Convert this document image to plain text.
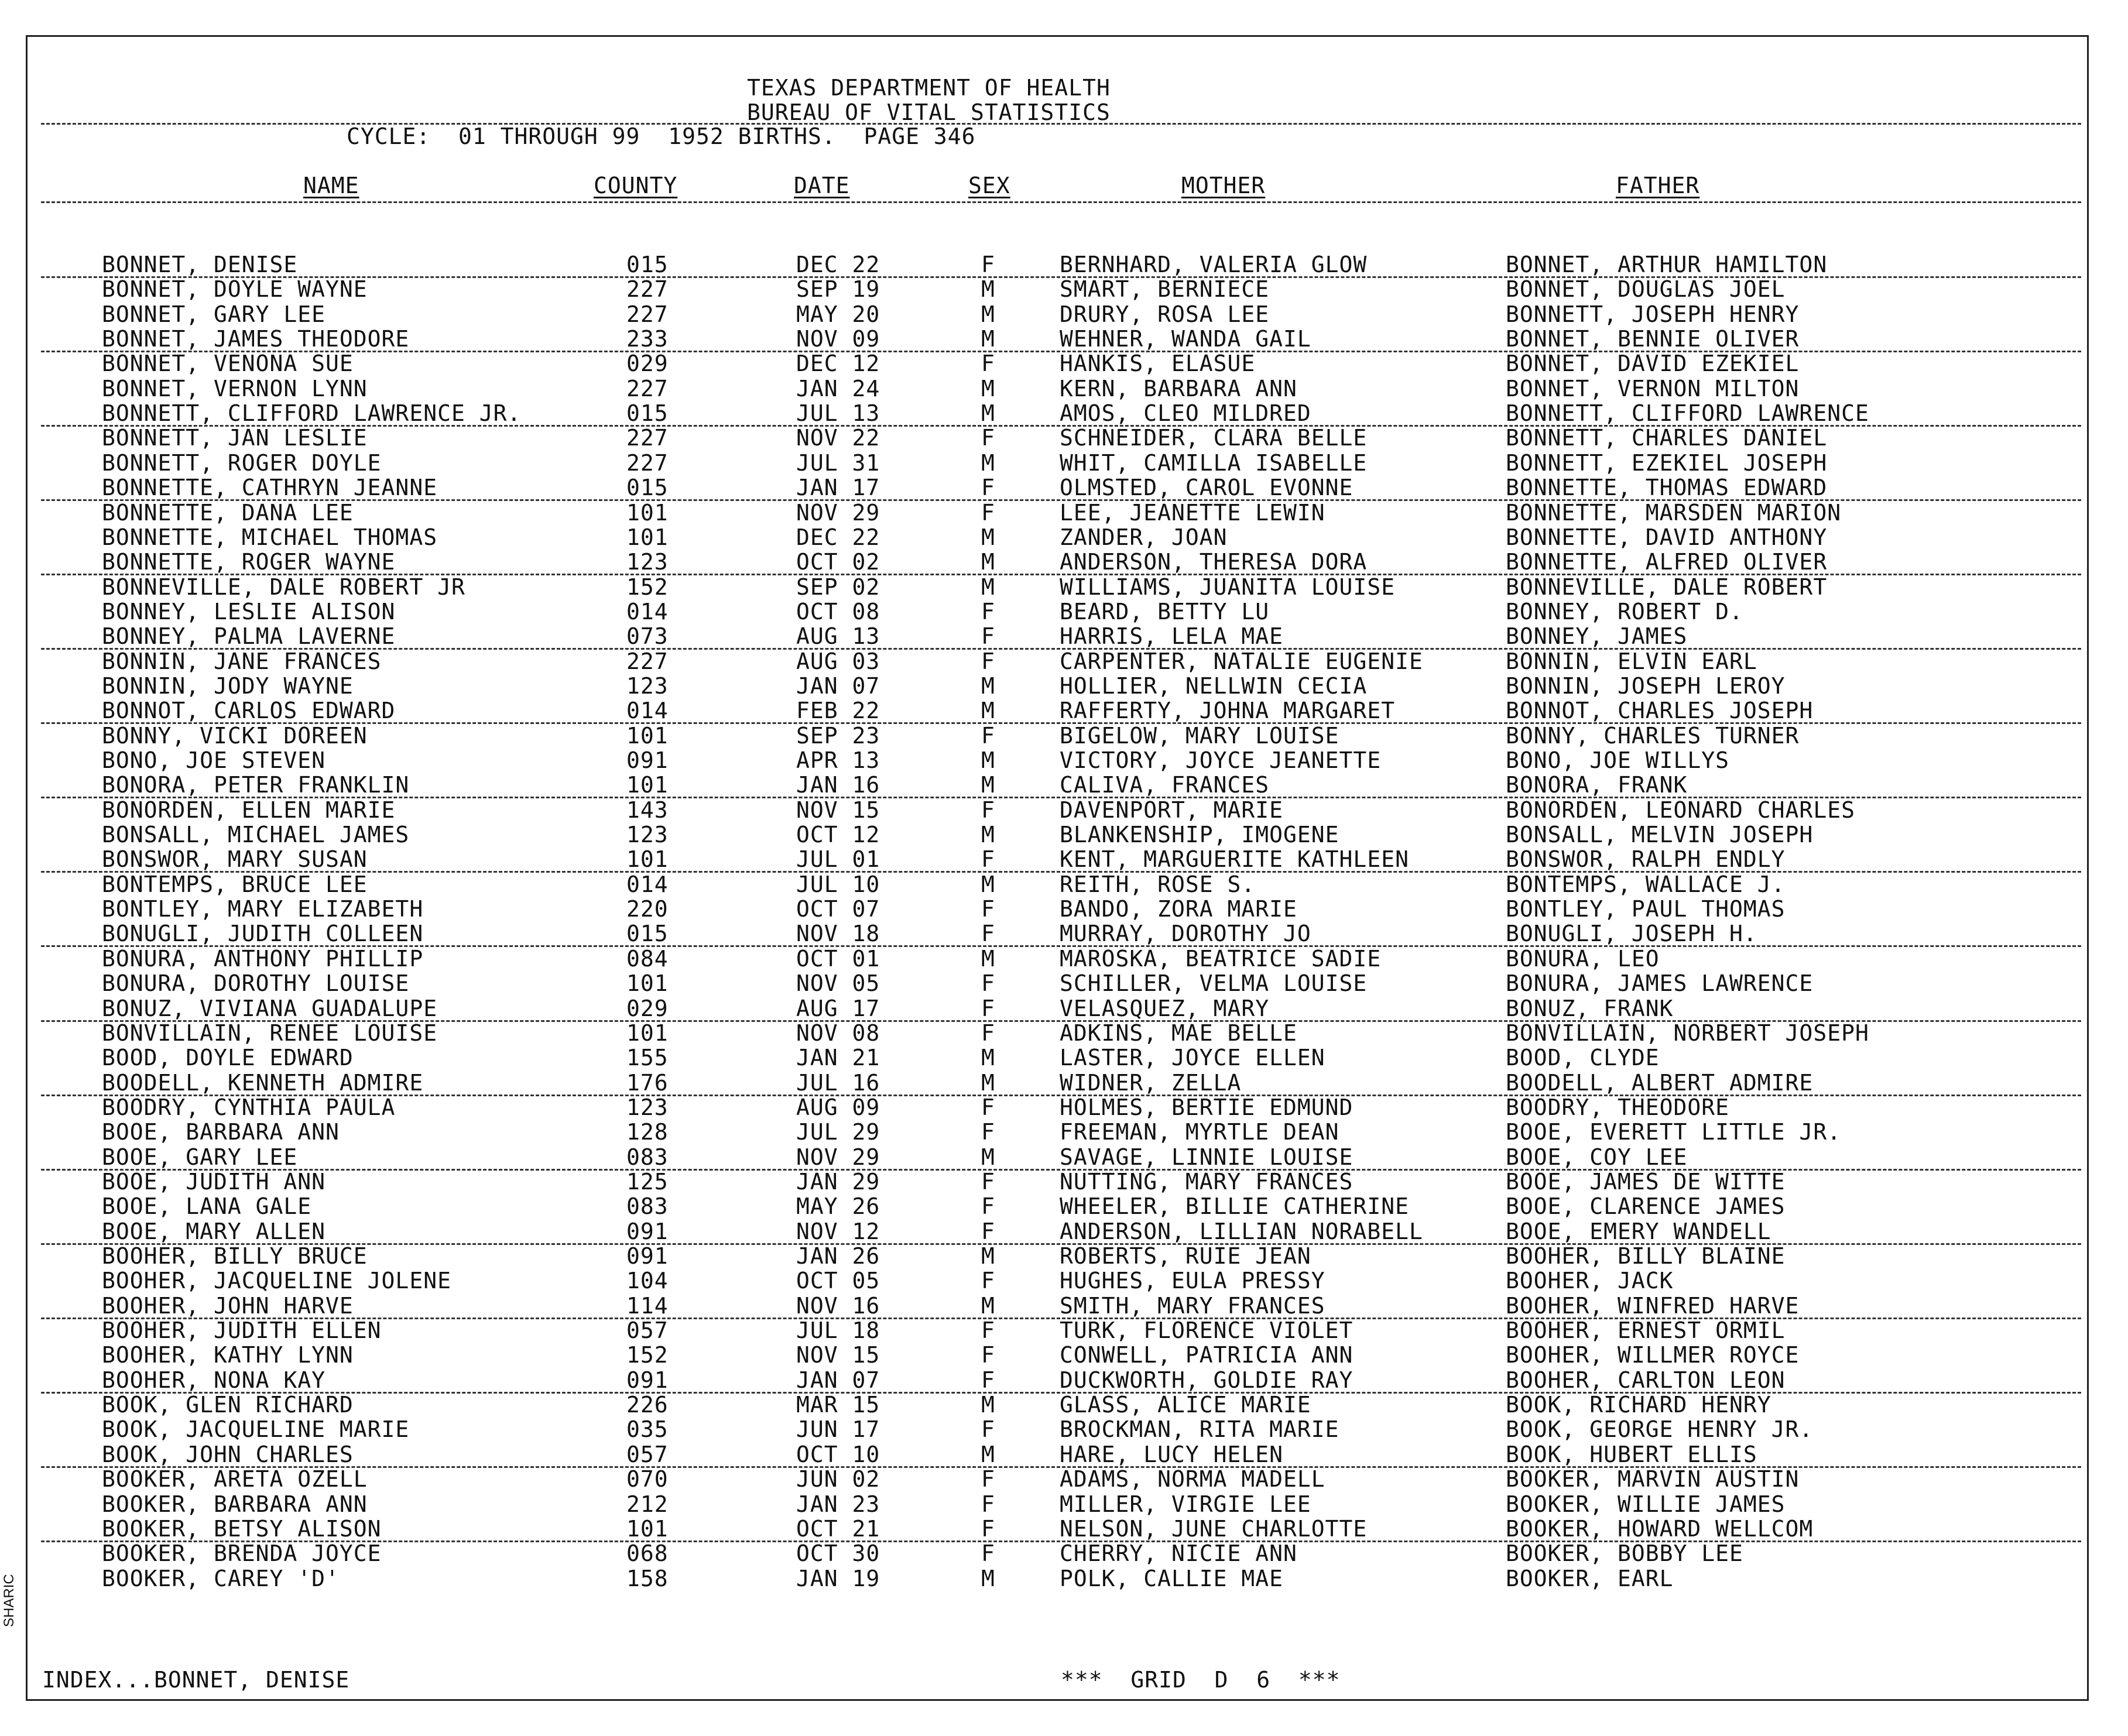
TEXAS DEPARTMENT OF HEALTH
BUREAU OF VITAL STATISTICS
CYCLE:  01 THROUGH 99  1952 BIRTHS.  PAGE 346
NAME	COUNTY	DATE	SEX	MOTHER	FATHER
BONNET, DENISE	015	DEC 22	F	BERNHARD, VALERIA GLOW	BONNET, ARTHUR HAMILTON
BONNET, DOYLE WAYNE	227	SEP 19	M	SMART, BERNIECE	BONNET, DOUGLAS JOEL
BONNET, GARY LEE	227	MAY 20	M	DRURY, ROSA LEE	BONNETT, JOSEPH HENRY
BONNET, JAMES THEODORE	233	NOV 09	M	WEHNER, WANDA GAIL	BONNET, BENNIE OLIVER
BONNET, VENONA SUE	029	DEC 12	F	HANKIS, ELASUE	BONNET, DAVID EZEKIEL
BONNET, VERNON LYNN	227	JAN 24	M	KERN, BARBARA ANN	BONNET, VERNON MILTON
BONNETT, CLIFFORD LAWRENCE JR.	015	JUL 13	M	AMOS, CLEO MILDRED	BONNETT, CLIFFORD LAWRENCE
BONNETT, JAN LESLIE	227	NOV 22	F	SCHNEIDER, CLARA BELLE	BONNETT, CHARLES DANIEL
BONNETT, ROGER DOYLE	227	JUL 31	M	WHIT, CAMILLA ISABELLE	BONNETT, EZEKIEL JOSEPH
BONNETTE, CATHRYN JEANNE	015	JAN 17	F	OLMSTED, CAROL EVONNE	BONNETTE, THOMAS EDWARD
BONNETTE, DANA LEE	101	NOV 29	F	LEE, JEANETTE LEWIN	BONNETTE, MARSDEN MARION
BONNETTE, MICHAEL THOMAS	101	DEC 22	M	ZANDER, JOAN	BONNETTE, DAVID ANTHONY
BONNETTE, ROGER WAYNE	123	OCT 02	M	ANDERSON, THERESA DORA	BONNETTE, ALFRED OLIVER
BONNEVILLE, DALE ROBERT JR	152	SEP 02	M	WILLIAMS, JUANITA LOUISE	BONNEVILLE, DALE ROBERT
BONNEY, LESLIE ALISON	014	OCT 08	F	BEARD, BETTY LU	BONNEY, ROBERT D.
BONNEY, PALMA LAVERNE	073	AUG 13	F	HARRIS, LELA MAE	BONNEY, JAMES
BONNIN, JANE FRANCES	227	AUG 03	F	CARPENTER, NATALIE EUGENIE	BONNIN, ELVIN EARL
BONNIN, JODY WAYNE	123	JAN 07	M	HOLLIER, NELLWIN CECIA	BONNIN, JOSEPH LEROY
BONNOT, CARLOS EDWARD	014	FEB 22	M	RAFFERTY, JOHNA MARGARET	BONNOT, CHARLES JOSEPH
BONNY, VICKI DOREEN	101	SEP 23	F	BIGELOW, MARY LOUISE	BONNY, CHARLES TURNER
BONO, JOE STEVEN	091	APR 13	M	VICTORY, JOYCE JEANETTE	BONO, JOE WILLYS
BONORA, PETER FRANKLIN	101	JAN 16	M	CALIVA, FRANCES	BONORA, FRANK
BONORDEN, ELLEN MARIE	143	NOV 15	F	DAVENPORT, MARIE	BONORDEN, LEONARD CHARLES
BONSALL, MICHAEL JAMES	123	OCT 12	M	BLANKENSHIP, IMOGENE	BONSALL, MELVIN JOSEPH
BONSWOR, MARY SUSAN	101	JUL 01	F	KENT, MARGUERITE KATHLEEN	BONSWOR, RALPH ENDLY
BONTEMPS, BRUCE LEE	014	JUL 10	M	REITH, ROSE S.	BONTEMPS, WALLACE J.
BONTLEY, MARY ELIZABETH	220	OCT 07	F	BANDO, ZORA MARIE	BONTLEY, PAUL THOMAS
BONUGLI, JUDITH COLLEEN	015	NOV 18	F	MURRAY, DOROTHY JO	BONUGLI, JOSEPH H.
BONURA, ANTHONY PHILLIP	084	OCT 01	M	MAROSKA, BEATRICE SADIE	BONURA, LEO
BONURA, DOROTHY LOUISE	101	NOV 05	F	SCHILLER, VELMA LOUISE	BONURA, JAMES LAWRENCE
BONUZ, VIVIANA GUADALUPE	029	AUG 17	F	VELASQUEZ, MARY	BONUZ, FRANK
BONVILLAIN, RENEE LOUISE	101	NOV 08	F	ADKINS, MAE BELLE	BONVILLAIN, NORBERT JOSEPH
BOOD, DOYLE EDWARD	155	JAN 21	M	LASTER, JOYCE ELLEN	BOOD, CLYDE
BOODELL, KENNETH ADMIRE	176	JUL 16	M	WIDNER, ZELLA	BOODELL, ALBERT ADMIRE
BOODRY, CYNTHIA PAULA	123	AUG 09	F	HOLMES, BERTIE EDMUND	BOODRY, THEODORE
BOOE, BARBARA ANN	128	JUL 29	F	FREEMAN, MYRTLE DEAN	BOOE, EVERETT LITTLE JR.
BOOE, GARY LEE	083	NOV 29	M	SAVAGE, LINNIE LOUISE	BOOE, COY LEE
BOOE, JUDITH ANN	125	JAN 29	F	NUTTING, MARY FRANCES	BOOE, JAMES DE WITTE
BOOE, LANA GALE	083	MAY 26	F	WHEELER, BILLIE CATHERINE	BOOE, CLARENCE JAMES
BOOE, MARY ALLEN	091	NOV 12	F	ANDERSON, LILLIAN NORABELL	BOOE, EMERY WANDELL
BOOHER, BILLY BRUCE	091	JAN 26	M	ROBERTS, RUIE JEAN	BOOHER, BILLY BLAINE
BOOHER, JACQUELINE JOLENE	104	OCT 05	F	HUGHES, EULA PRESSY	BOOHER, JACK
BOOHER, JOHN HARVE	114	NOV 16	M	SMITH, MARY FRANCES	BOOHER, WINFRED HARVE
BOOHER, JUDITH ELLEN	057	JUL 18	F	TURK, FLORENCE VIOLET	BOOHER, ERNEST ORMIL
BOOHER, KATHY LYNN	152	NOV 15	F	CONWELL, PATRICIA ANN	BOOHER, WILLMER ROYCE
BOOHER, NONA KAY	091	JAN 07	F	DUCKWORTH, GOLDIE RAY	BOOHER, CARLTON LEON
BOOK, GLEN RICHARD	226	MAR 15	M	GLASS, ALICE MARIE	BOOK, RICHARD HENRY
BOOK, JACQUELINE MARIE	035	JUN 17	F	BROCKMAN, RITA MARIE	BOOK, GEORGE HENRY JR.
BOOK, JOHN CHARLES	057	OCT 10	M	HARE, LUCY HELEN	BOOK, HUBERT ELLIS
BOOKER, ARETA OZELL	070	JUN 02	F	ADAMS, NORMA MADELL	BOOKER, MARVIN AUSTIN
BOOKER, BARBARA ANN	212	JAN 23	F	MILLER, VIRGIE LEE	BOOKER, WILLIE JAMES
BOOKER, BETSY ALISON	101	OCT 21	F	NELSON, JUNE CHARLOTTE	BOOKER, HOWARD WELLCOM
BOOKER, BRENDA JOYCE	068	OCT 30	F	CHERRY, NICIE ANN	BOOKER, BOBBY LEE
BOOKER, CAREY 'D'	158	JAN 19	M	POLK, CALLIE MAE	BOOKER, EARL
INDEX...BONNET, DENISE	***  GRID  D  6  ***
SHARIC
